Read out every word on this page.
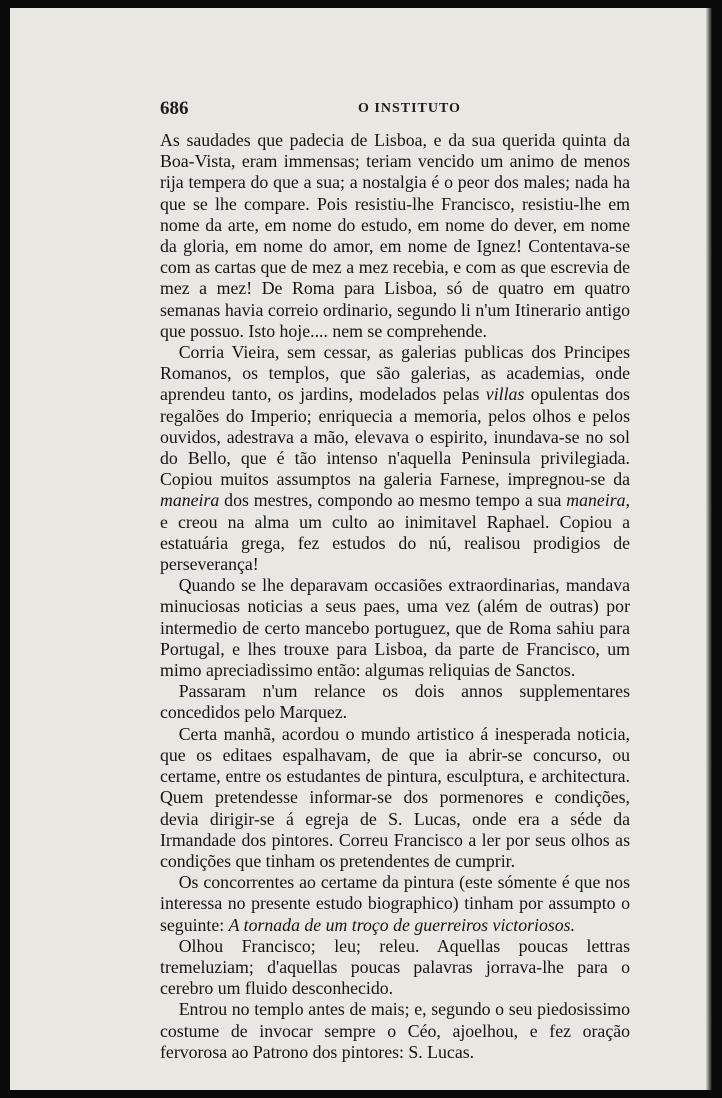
686	O INSTITUTO

As saudades que padecia de Lisboa, e da sua querida quinta da Boa-Vista, eram immensas; teriam vencido um animo de menos rija tempera do que a sua; a nostalgia é o peor dos males; nada ha que se lhe compare. Pois resistiu-lhe Francisco, resistiu-lhe em nome da arte, em nome do estudo, em nome do dever, em nome da gloria, em nome do amor, em nome de Ignez! Contentava-se com as cartas que de mez a mez recebia, e com as que escrevia de mez a mez! De Roma para Lisboa, só de quatro em quatro semanas havia correio ordinario, segundo li n'um Itinerario antigo que possuo. Isto hoje.... nem se comprehende.

Corria Vieira, sem cessar, as galerias publicas dos Principes Romanos, os templos, que são galerias, as academias, onde aprendeu tanto, os jardins, modelados pelas villas opulentas dos regalões do Imperio; enriquecia a memoria, pelos olhos e pelos ouvidos, adestrava a mão, elevava o espirito, inundava-se no sol do Bello, que é tão intenso n'aquella Peninsula privilegiada. Copiou muitos assumptos na galeria Farnese, impregnou-se da maneira dos mestres, compondo ao mesmo tempo a sua maneira, e creou na alma um culto ao inimitavel Raphael. Copiou a estatuária grega, fez estudos do nú, realisou prodigios de perseverança!

Quando se lhe deparavam occasiões extraordinarias, mandava minuciosas noticias a seus paes, uma vez (além de outras) por intermedio de certo mancebo portuguez, que de Roma sahiu para Portugal, e lhes trouxe para Lisboa, da parte de Francisco, um mimo apreciadissimo então: algumas reliquias de Sanctos.

Passaram n'um relance os dois annos supplementares concedidos pelo Marquez.

Certa manhã, acordou o mundo artistico á inesperada noticia, que os editaes espalhavam, de que ia abrir-se concurso, ou certame, entre os estudantes de pintura, esculptura, e architectura. Quem pretendesse informar-se dos pormenores e condições, devia dirigir-se á egreja de S. Lucas, onde era a séde da Irmandade dos pintores. Correu Francisco a ler por seus olhos as condições que tinham os pretendentes de cumprir.

Os concorrentes ao certame da pintura (este sómente é que nos interessa no presente estudo biographico) tinham por assumpto o seguinte: A tornada de um troço de guerreiros victoriosos.

Olhou Francisco; leu; releu. Aquellas poucas lettras tremeluziam; d'aquellas poucas palavras jorrava-lhe para o cerebro um fluido desconhecido.

Entrou no templo antes de mais; e, segundo o seu piedosissimo costume de invocar sempre o Céo, ajoelhou, e fez oração fervorosa ao Patrono dos pintores: S. Lucas.
